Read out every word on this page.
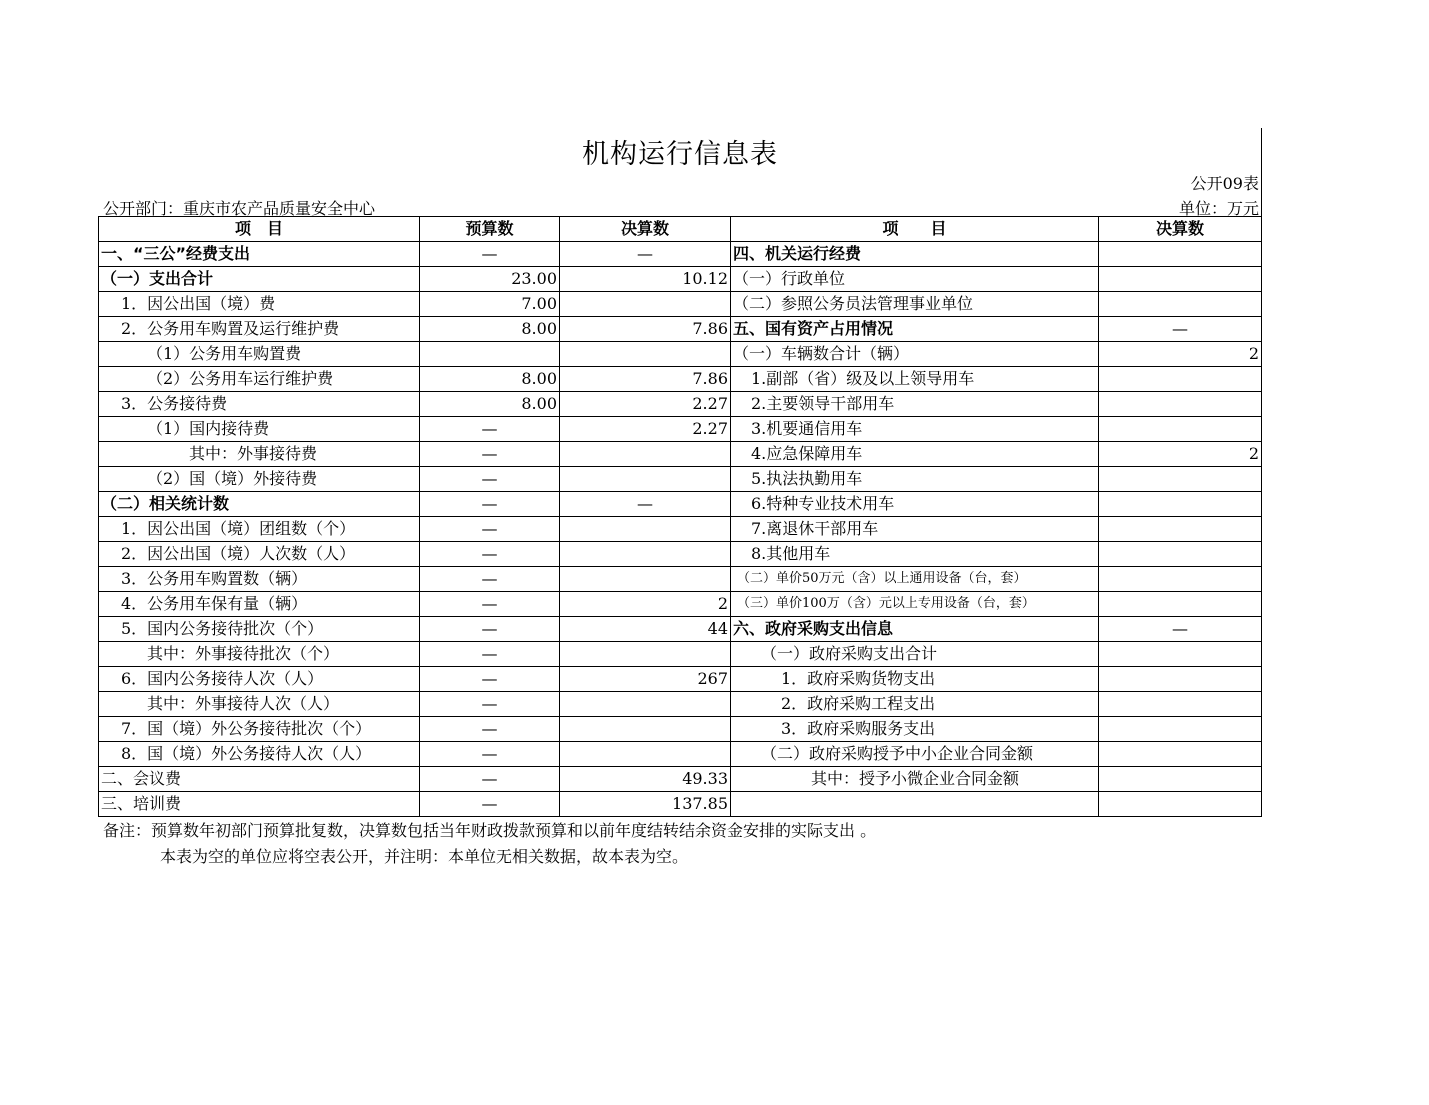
机构运行信息表
公开09表
公开部门：重庆市农产品质量安全中心	单位：万元
项　目	预算数	决算数	项　　目	决算数
一、“三公”经费支出	—	—	四、机关运行经费	
（一）支出合计	23.00	10.12	（一）行政单位	
1．因公出国（境）费	7.00		（二）参照公务员法管理事业单位	
2．公务用车购置及运行维护费	8.00	7.86	五、国有资产占用情况	—
（1）公务用车购置费			（一）车辆数合计（辆）	2
（2）公务用车运行维护费	8.00	7.86	1.副部（省）级及以上领导用车	
3．公务接待费	8.00	2.27	2.主要领导干部用车	
（1）国内接待费	—	2.27	3.机要通信用车	
其中：外事接待费	—		4.应急保障用车	2
（2）国（境）外接待费	—		5.执法执勤用车	
（二）相关统计数	—	—	6.特种专业技术用车	
1．因公出国（境）团组数（个）	—		7.离退休干部用车	
2．因公出国（境）人次数（人）	—		8.其他用车	
3．公务用车购置数（辆）	—		（二）单价50万元（含）以上通用设备（台，套）	
4．公务用车保有量（辆）	—	2	（三）单价100万（含）元以上专用设备（台，套）	
5．国内公务接待批次（个）	—	44	六、政府采购支出信息	—
其中：外事接待批次（个）	—		（一）政府采购支出合计	
6．国内公务接待人次（人）	—	267	1．政府采购货物支出	
其中：外事接待人次（人）	—		2．政府采购工程支出	
7．国（境）外公务接待批次（个）	—		3．政府采购服务支出	
8．国（境）外公务接待人次（人）	—		（二）政府采购授予中小企业合同金额	
二、会议费	—	49.33	其中：授予小微企业合同金额	
三、培训费	—	137.85		
备注：预算数年初部门预算批复数，决算数包括当年财政拨款预算和以前年度结转结余资金安排的实际支出 。
本表为空的单位应将空表公开，并注明：本单位无相关数据，故本表为空。
